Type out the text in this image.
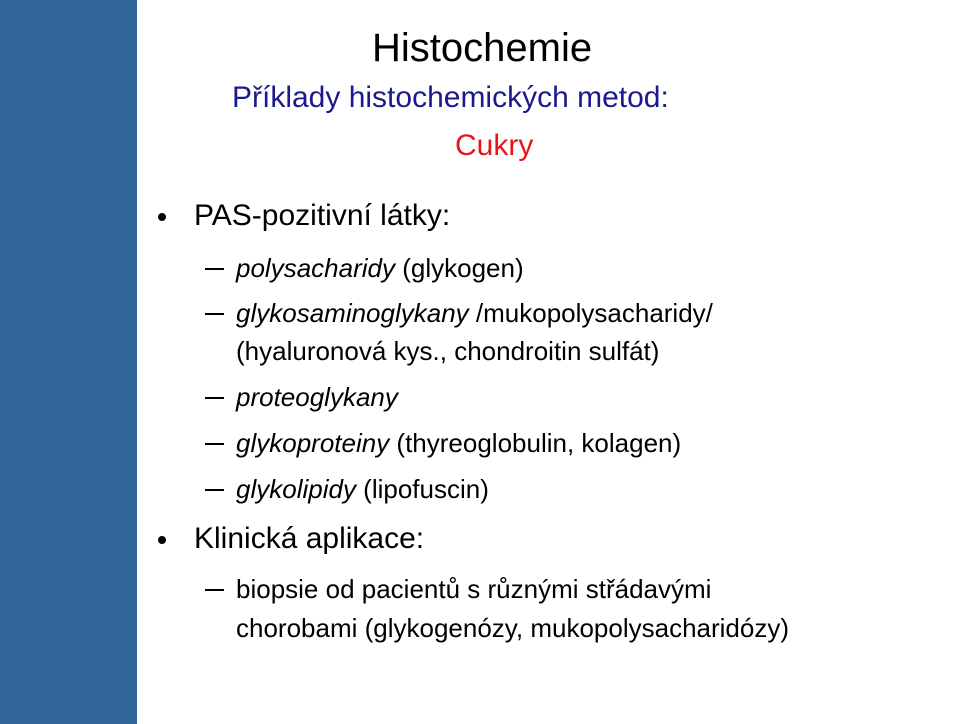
Histochemie
Příklady histochemických metod:
Cukry
PAS-pozitivní látky:
polysacharidy (glykogen)
glykosaminoglykany /mukopolysacharidy/
(hyaluronová kys., chondroitin sulfát)
proteoglykany
glykoproteiny (thyreoglobulin, kolagen)
glykolipidy (lipofuscin)
Klinická aplikace:
biopsie od pacientů s různými střádavými
chorobami (glykogenózy, mukopolysacharidózy)
